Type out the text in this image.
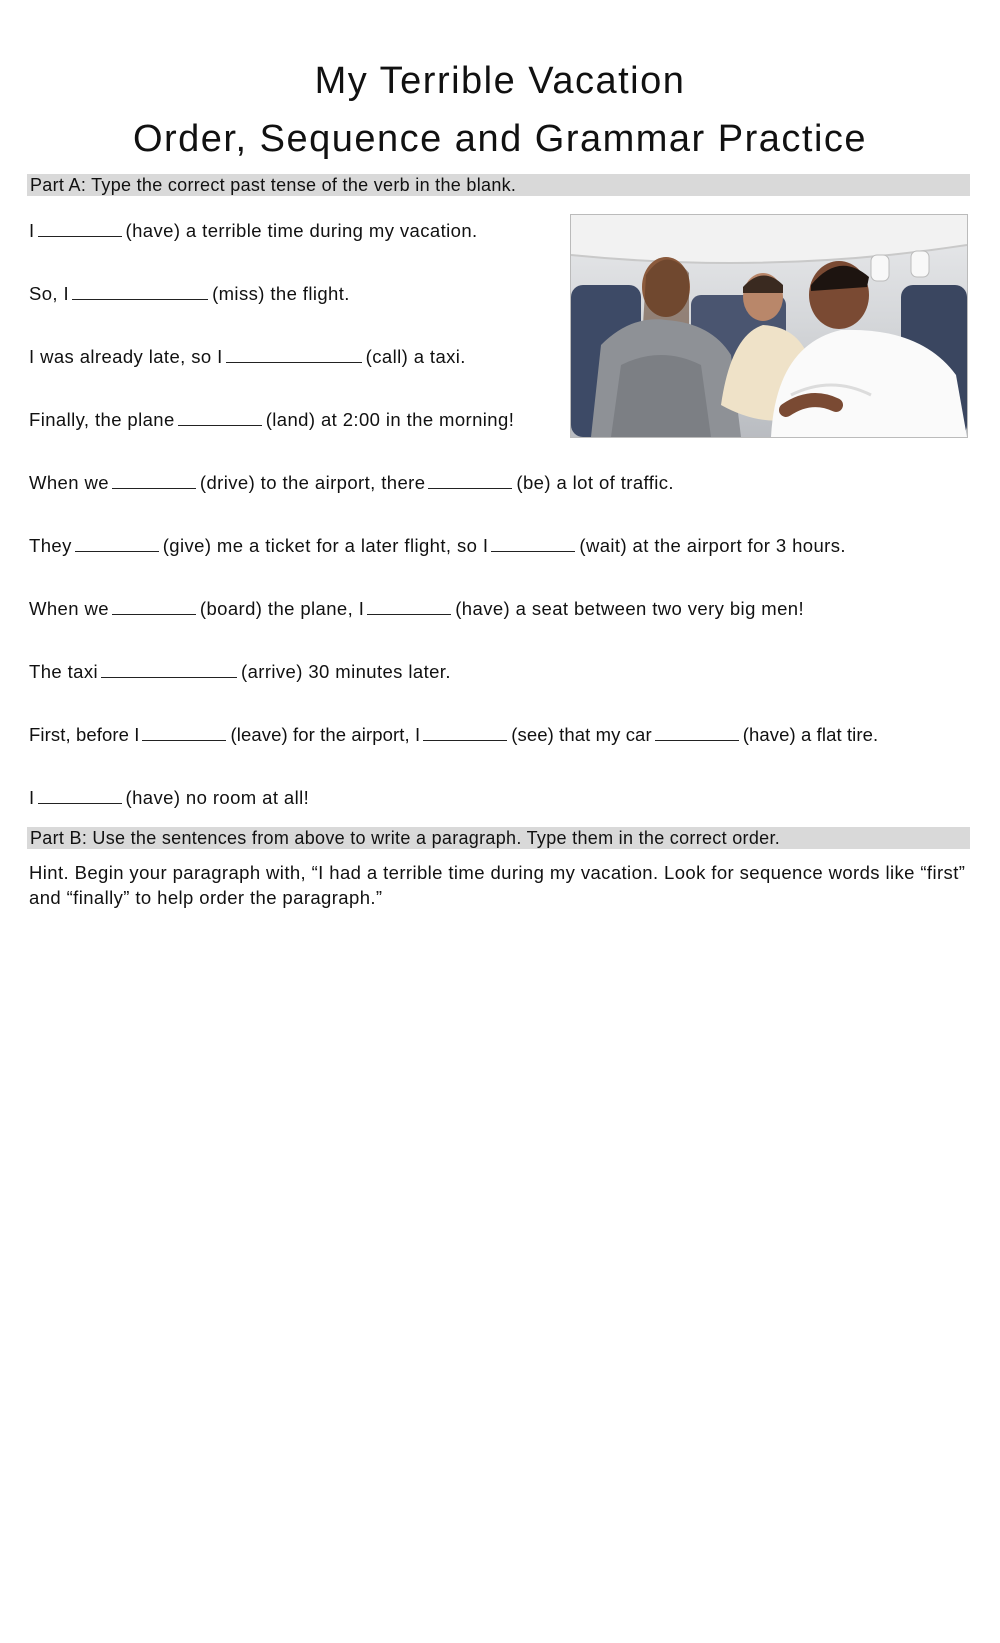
My Terrible Vacation
Order, Sequence and Grammar Practice
Part A: Type the correct past tense of the verb in the blank.
I	(have) a terrible time during my vacation.
So, I	(miss) the flight.
I was already late, so I	(call) a taxi.
Finally, the plane	(land) at 2:00 in the morning!
When we	(drive) to the airport, there	(be) a lot of traffic.
They	(give) me a ticket for a later flight, so I	(wait) at the airport for 3 hours.
When we	(board) the plane, I	(have) a seat between two very big men!
The taxi	(arrive) 30 minutes later.
First, before I	(leave) for the airport, I	(see) that my car	(have) a flat tire.
I	(have) no room at all!
Part B: Use the sentences from above to write a paragraph. Type them in the correct order.
Hint. Begin your paragraph with, “I had a terrible time during my vacation. Look for sequence words like “first” and “finally” to help order the paragraph.”
